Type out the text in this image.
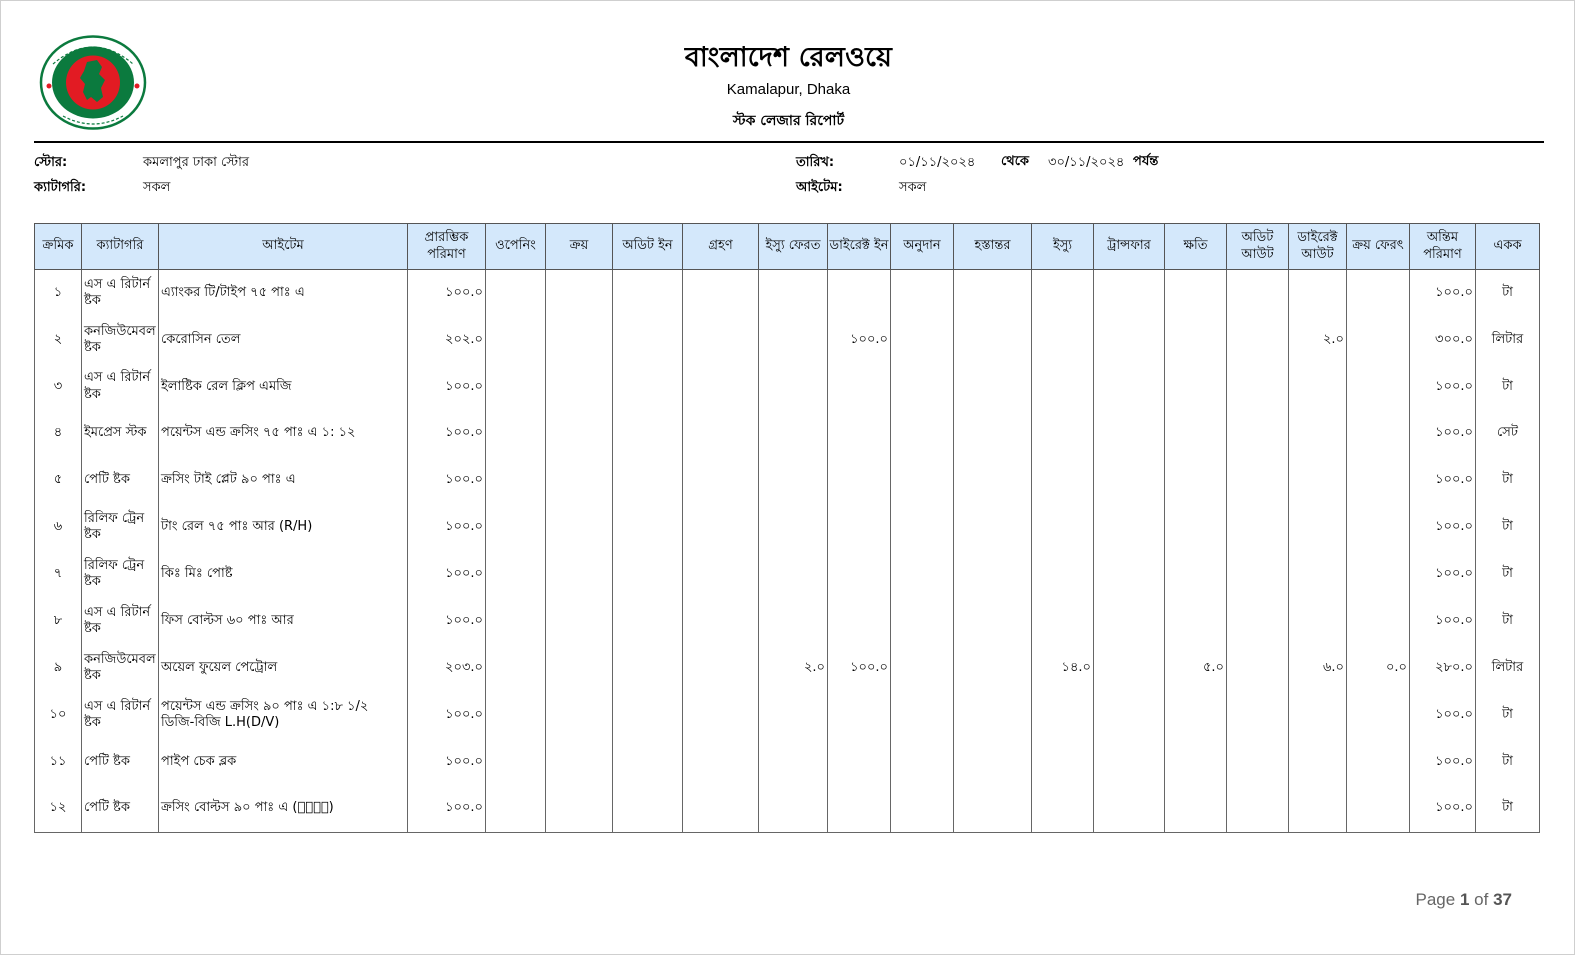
বাংলাদেশ রেলওয়ে
Kamalapur, Dhaka
স্টক লেজার রিপোর্ট
স্টোর:	কমলাপুর ঢাকা স্টোর
ক্যাটাগরি:	সকল
তারিখ:	০১/১১/২০২৪ থেকে ৩০/১১/২০২৪ পর্যন্ত
আইটেম:	সকল
ক্রমিক	ক্যাটাগরি	আইটেম	প্রারম্ভিক পরিমাণ	ওপেনিং	ক্রয়	অডিট ইন	গ্রহণ	ইস্যু ফেরত	ডাইরেক্ট ইন	অনুদান	হস্তান্তর	ইস্যু	ট্রান্সফার	ক্ষতি	অডিট আউট	ডাইরেক্ট আউট	ক্রয় ফেরৎ	অন্তিম পরিমাণ	একক
১	এস এ রিটার্ন ষ্টক	এ্যাংকর টি/টাইপ ৭৫ পাঃ এ	১০০.০															১০০.০	টা
২	কনজিউমেবল ষ্টক	কেরোসিন তেল	২০২.০						১০০.০							২.০		৩০০.০	লিটার
৩	এস এ রিটার্ন ষ্টক	ইলাষ্টিক রেল ক্লিপ এমজি	১০০.০															১০০.০	টা
৪	ইমপ্রেস স্টক	পয়েন্টস এন্ড ক্রসিং ৭৫ পাঃ এ ১: ১২	১০০.০															১০০.০	সেট
৫	পেটি ষ্টক	ক্রসিং টাই প্লেট ৯০ পাঃ এ	১০০.০															১০০.০	টা
৬	রিলিফ ট্রেন ষ্টক	টাং রেল ৭৫ পাঃ আর (R/H)	১০০.০															১০০.০	টা
৭	রিলিফ ট্রেন ষ্টক	কিঃ মিঃ পোষ্ট	১০০.০															১০০.০	টা
৮	এস এ রিটার্ন ষ্টক	ফিস বোল্টস ৬০ পাঃ আর	১০০.০															১০০.০	টা
৯	কনজিউমেবল ষ্টক	অয়েল ফুয়েল পেট্রোল	২০৩.০					২.০	১০০.০			১৪.০		৫.০		৬.০	০.০	২৮০.০	লিটার
১০	এস এ রিটার্ন ষ্টক	পয়েন্টস এন্ড ক্রসিং ৯০ পাঃ এ ১:৮ ১/২ ডিজি-বিজি L.H(D/V)	১০০.০															১০০.০	টা
১১	পেটি ষ্টক	পাইপ চেক ব্লক	১০০.০															১০০.০	টা
১২	পেটি ষ্টক	ক্রসিং বোল্টস ৯০ পাঃ এ (৮⃞১⃞)	১০০.০															১০০.০	টা
Page 1 of 37
